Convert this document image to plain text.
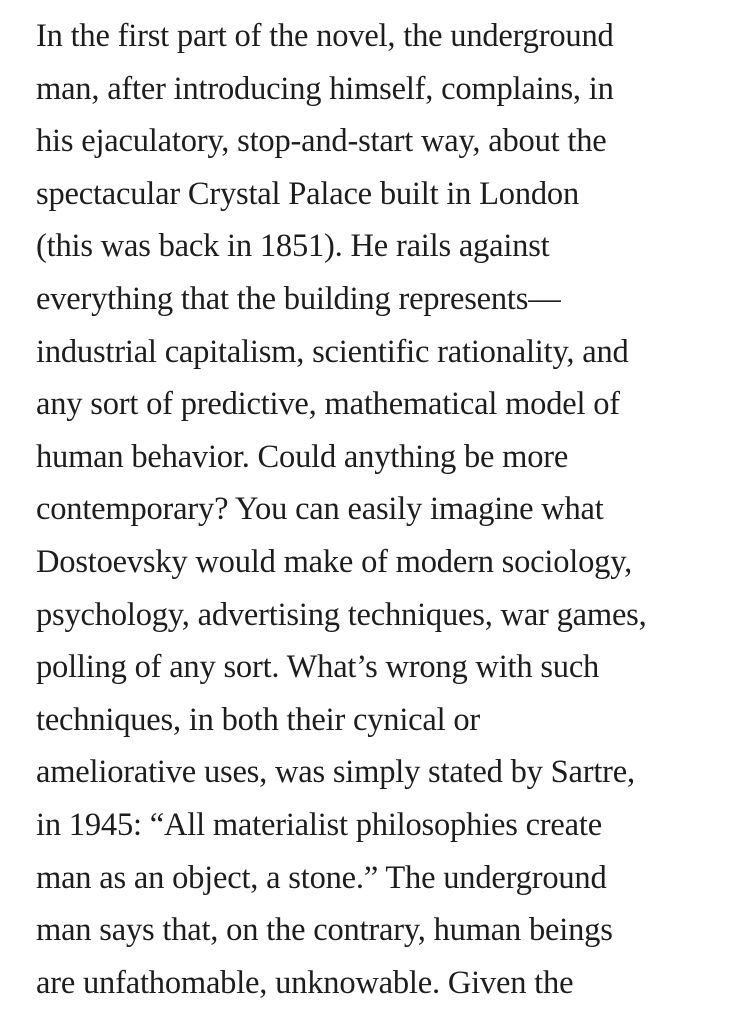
In the first part of the novel, the underground
man, after introducing himself, complains, in
his ejaculatory, stop-and-start way, about the
spectacular Crystal Palace built in London
(this was back in 1851). He rails against
everything that the building represents—
industrial capitalism, scientific rationality, and
any sort of predictive, mathematical model of
human behavior. Could anything be more
contemporary? You can easily imagine what
Dostoevsky would make of modern sociology,
psychology, advertising techniques, war games,
polling of any sort. What’s wrong with such
techniques, in both their cynical or
ameliorative uses, was simply stated by Sartre,
in 1945: “All materialist philosophies create
man as an object, a stone.” The underground
man says that, on the contrary, human beings
are unfathomable, unknowable. Given the
